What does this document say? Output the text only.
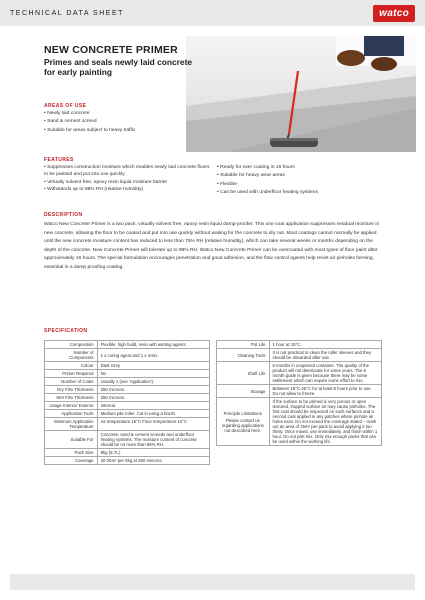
TECHNICAL DATA SHEET	watco
NEW CONCRETE PRIMER
Primes and seals newly laid concrete for early painting
AREAS OF USE
• Newly laid concrete
• Sand & cement screed
• Suitable for areas subject to heavy traffic
FEATURES
• Suppresses construction moisture which enables newly laid concrete floors to be painted and put into use quickly
• Virtually solvent free, epoxy resin liquid moisture barrier
• Withstands up to 98% RH (relative humidity)
• Ready for over coating in 16 hours
• Suitable for heavy wear areas
• Flexible
• Can be used with underfloor heating systems
DESCRIPTION

Watco New Concrete Primer is a two pack, virtually solvent free, epoxy resin liquid damp-proofer. This one coat application suppresses residual moisture in new concrete, allowing the floor to be coated and put into use quickly without waiting for the concrete to dry out. Most coatings cannot normally be applied until the new concrete moisture content has reduced to less than 75% RH (relative humidity), which can take several weeks or months depending on the depth of the concrete. New Concrete Primer will tolerate up to 98% RH. Watco New Concrete Primer can be overcoated with most types of floor paint after approximately 16 hours. The special formulation encourages penetration and good adhesion, and the flow control agents help resist air pinholes forming, essential in a damp proofing coating.

SPECIFICATION
Composition	Flexible, high build, resin with wetting agents.
Number of Components	1 x curing agent and 1 x resin.
Colour	Dark Grey
Primer Required	No
Number of Coats	Usually 1 (see 'Application').
Dry Film Thickness	250 microns.
Wet Film Thickness	250 microns.
Usage Interior/ Exterior	Internal.
Application Tools	Medium pile roller. Cut in using a brush.
Minimum Application Temperature	Air temperature 15°C Floor temperature 10°C
Suitable For	Concrete, sand & cement screeds and underfloor heating systems. The moisture content of concrete should be no more than 98% RH.
Pack Size	8kg (5.7L).
Coverage	20-25m² per 8kg at 250 microns.
Pot Life	1 hour at 15°C.
Cleaning Tools	It is not practical to clean the roller sleeves and they should be discarded after use.
Shelf Life	6 months in unopened container. The quality of the product will not deteriorate for some years. The 6 month guide is given because there may be some settlement which can require some effort to mix.
Storage	Between 15°C-25°C for at least 8 hours prior to use. Do not allow to freeze.

Principle Limitations
Please contact us regarding applications not described here.	If the surface to be primed is very porous or open textured, trapped surface air may cause pinholes. The first coat should be inspected on such surfaces and a second coat applied in any patches where pinhole air holes exist. Do not exceed the coverage stated – mark out an area of 25m² per pack to avoid applying it too thinly. Once mixed, use immediately, and finish within 1 hour. Do not part mix. Only mix enough packs that can be used within the working life.
